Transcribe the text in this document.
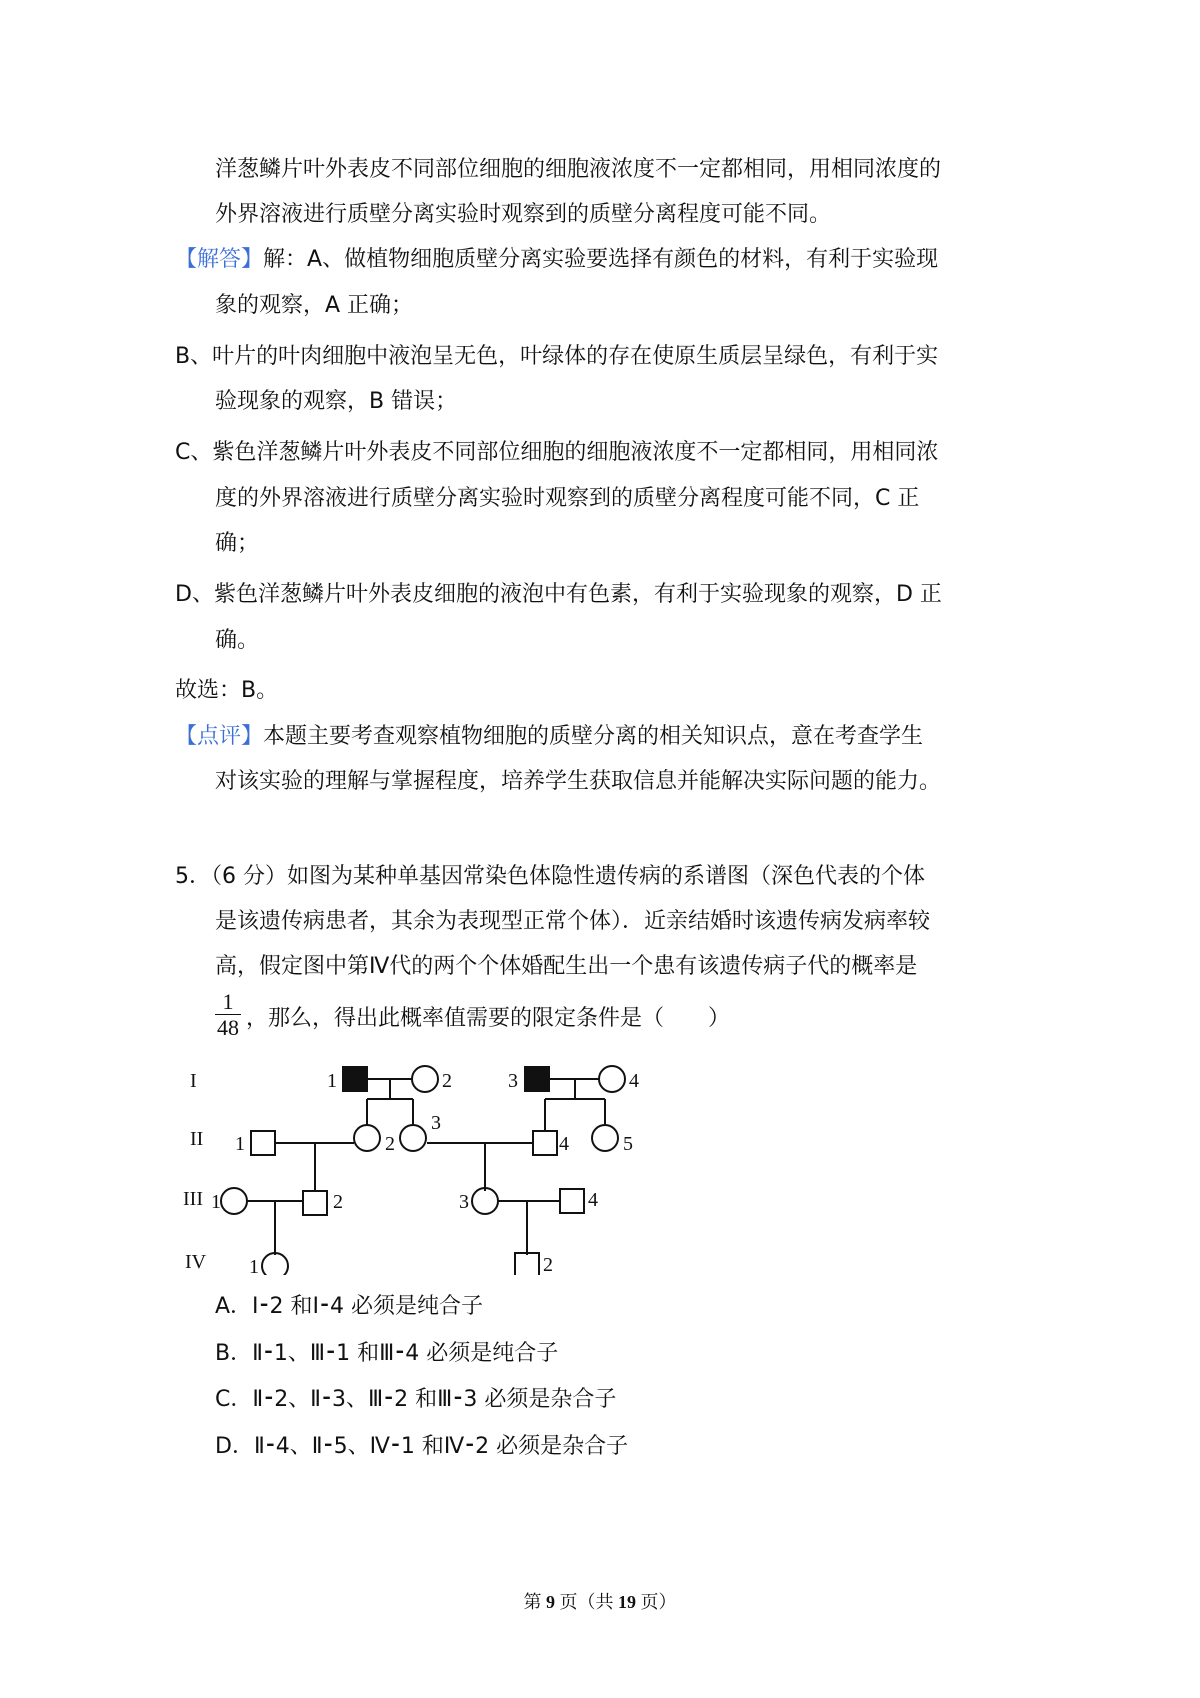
洋葱鳞片叶外表皮不同部位细胞的细胞液浓度不一定都相同，用相同浓度的
外界溶液进行质壁分离实验时观察到的质壁分离程度可能不同。
【解答】解：A、做植物细胞质壁分离实验要选择有颜色的材料，有利于实验现
象的观察，A 正确；
B、叶片的叶肉细胞中液泡呈无色，叶绿体的存在使原生质层呈绿色，有利于实
验现象的观察，B 错误；
C、紫色洋葱鳞片叶外表皮不同部位细胞的细胞液浓度不一定都相同，用相同浓
度的外界溶液进行质壁分离实验时观察到的质壁分离程度可能不同，C 正
确；
D、紫色洋葱鳞片叶外表皮细胞的液泡中有色素，有利于实验现象的观察，D 正
确。
故选：B。
【点评】本题主要考查观察植物细胞的质壁分离的相关知识点，意在考查学生
对该实验的理解与掌握程度，培养学生获取信息并能解决实际问题的能力。
5．（6 分）如图为某种单基因常染色体隐性遗传病的系谱图（深色代表的个体
是该遗传病患者，其余为表现型正常个体）．近亲结婚时该遗传病发病率较
高，假定图中第Ⅳ代的两个个体婚配生出一个患有该遗传病子代的概率是
1
48 ，那么，得出此概率值需要的限定条件是（　　）
I
II
III
IV
1	2	3	4
1	2
3
4	5
1	2	3	4
1	2
A．Ⅰ⁃2 和Ⅰ⁃4 必须是纯合子
B．Ⅱ⁃1、Ⅲ⁃1 和Ⅲ⁃4 必须是纯合子
C．Ⅱ⁃2、Ⅱ⁃3、Ⅲ⁃2 和Ⅲ⁃3 必须是杂合子
D．Ⅱ⁃4、Ⅱ⁃5、Ⅳ⁃1 和Ⅳ⁃2 必须是杂合子
第 9 页（共 19 页）
